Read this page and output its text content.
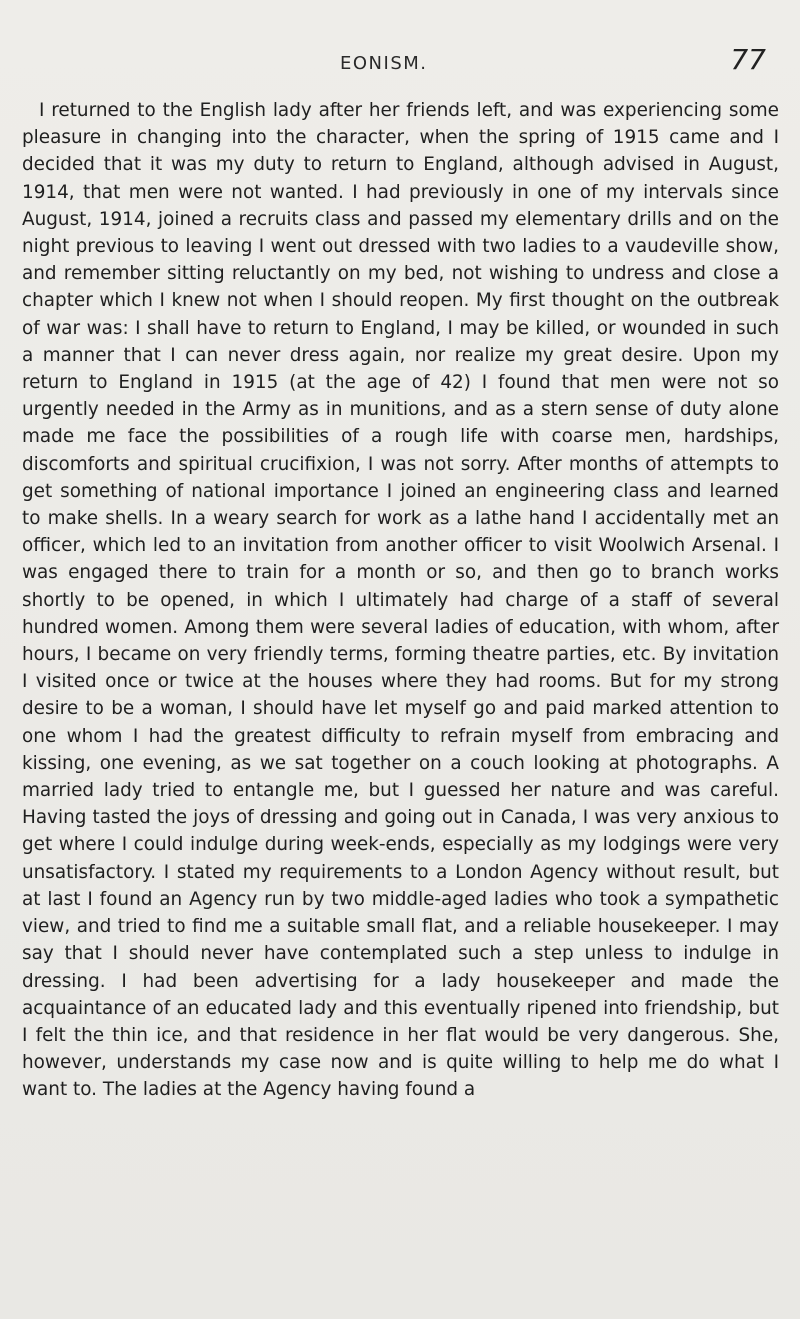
EONISM.	77

I returned to the English lady after her friends left, and was experiencing some pleasure in changing into the character, when the spring of 1915 came and I decided that it was my duty to return to England, although advised in August, 1914, that men were not wanted. I had previously in one of my intervals since August, 1914, joined a recruits class and passed my elementary drills and on the night previous to leaving I went out dressed with two ladies to a vaudeville show, and remember sitting reluctantly on my bed, not wishing to undress and close a chapter which I knew not when I should reopen. My first thought on the outbreak of war was: I shall have to return to England, I may be killed, or wounded in such a manner that I can never dress again, nor realize my great desire. Upon my return to England in 1915 (at the age of 42) I found that men were not so urgently needed in the Army as in munitions, and as a stern sense of duty alone made me face the possibilities of a rough life with coarse men, hardships, discomforts and spiritual crucifixion, I was not sorry. After months of attempts to get something of national importance I joined an engineering class and learned to make shells. In a weary search for work as a lathe hand I accidentally met an officer, which led to an invitation from another officer to visit Woolwich Arsenal. I was engaged there to train for a month or so, and then go to branch works shortly to be opened, in which I ultimately had charge of a staff of several hundred women. Among them were several ladies of education, with whom, after hours, I became on very friendly terms, forming theatre parties, etc. By invitation I visited once or twice at the houses where they had rooms. But for my strong desire to be a woman, I should have let myself go and paid marked attention to one whom I had the greatest difficulty to refrain myself from embracing and kissing, one evening, as we sat together on a couch looking at photographs. A married lady tried to entangle me, but I guessed her nature and was careful. Having tasted the joys of dressing and going out in Canada, I was very anxious to get where I could indulge during week-ends, especially as my lodgings were very unsatisfactory. I stated my requirements to a London Agency without result, but at last I found an Agency run by two middle-aged ladies who took a sympathetic view, and tried to find me a suitable small flat, and a reliable housekeeper. I may say that I should never have contemplated such a step unless to indulge in dressing. I had been advertising for a lady housekeeper and made the acquaintance of an educated lady and this eventually ripened into friendship, but I felt the thin ice, and that residence in her flat would be very dangerous. She, however, understands my case now and is quite willing to help me do what I want to. The ladies at the Agency having found a
